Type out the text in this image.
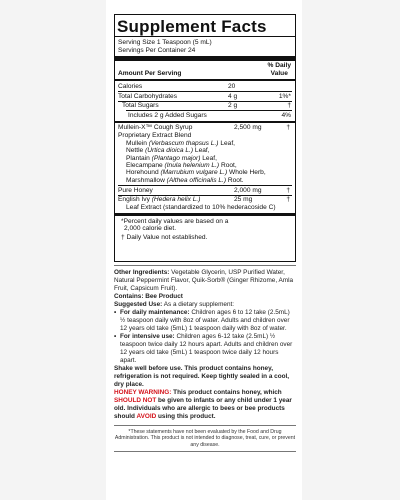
Supplement Facts
Serving Size 1 Teaspoon (5 mL)
Servings Per Container 24
Amount Per Serving
% Daily
Value
Calories	20
Total Carbohydrates	4 g	1%*
Total Sugars	2 g	†
Includes 2 g Added Sugars	4%
Mullein-X™ Cough Syrup
Proprietary Extract Blend
2,500 mg	†
Mullein (Verbascum thapsus L.) Leaf,
Nettle (Urtica dioica L.) Leaf,
Plantain (Plantago major) Leaf,
Elecampane (Inula helenium L.) Root,
Horehound (Marrubium vulgare L.) Whole Herb,
Marshmallow (Althea officinalis L.) Root.
Pure Honey	2,000 mg	†
English Ivy (Hedera helix L.)
Leaf Extract (standardized to 10% hederacoside C)
25 mg	†
*Percent daily values are based on a
2,000 calorie diet.
† Daily Value not established.

Other Ingredients: Vegetable Glycerin, USP Purified Water, Natural Peppermint Flavor, Quik-Sorb® (Ginger Rhizome, Amla Fruit, Capsicum Fruit).

Contains: Bee Product

Suggested Use: As a dietary supplement:

• For daily maintenance: Children ages 6 to 12 take (2.5mL) ½ teaspoon daily with 8oz of water. Adults and children over 12 years old take (5mL) 1 teaspoon daily with 8oz of water.

• For intensive use: Children ages 6-12 take (2.5mL) ½ teaspoon twice daily 12 hours apart. Adults and children over 12 years old take (5mL) 1 teaspoon twice daily 12 hours apart.

Shake well before use. This product contains honey, refrigeration is not required. Keep tightly sealed in a cool, dry place.

HONEY WARNING: This product contains honey, which SHOULD NOT be given to infants or any child under 1 year old. Individuals who are allergic to bees or bee products should AVOID using this product.

*These statements have not been evaluated by the Food and Drug Administration. This product is not intended to diagnose, treat, cure, or prevent any disease.
